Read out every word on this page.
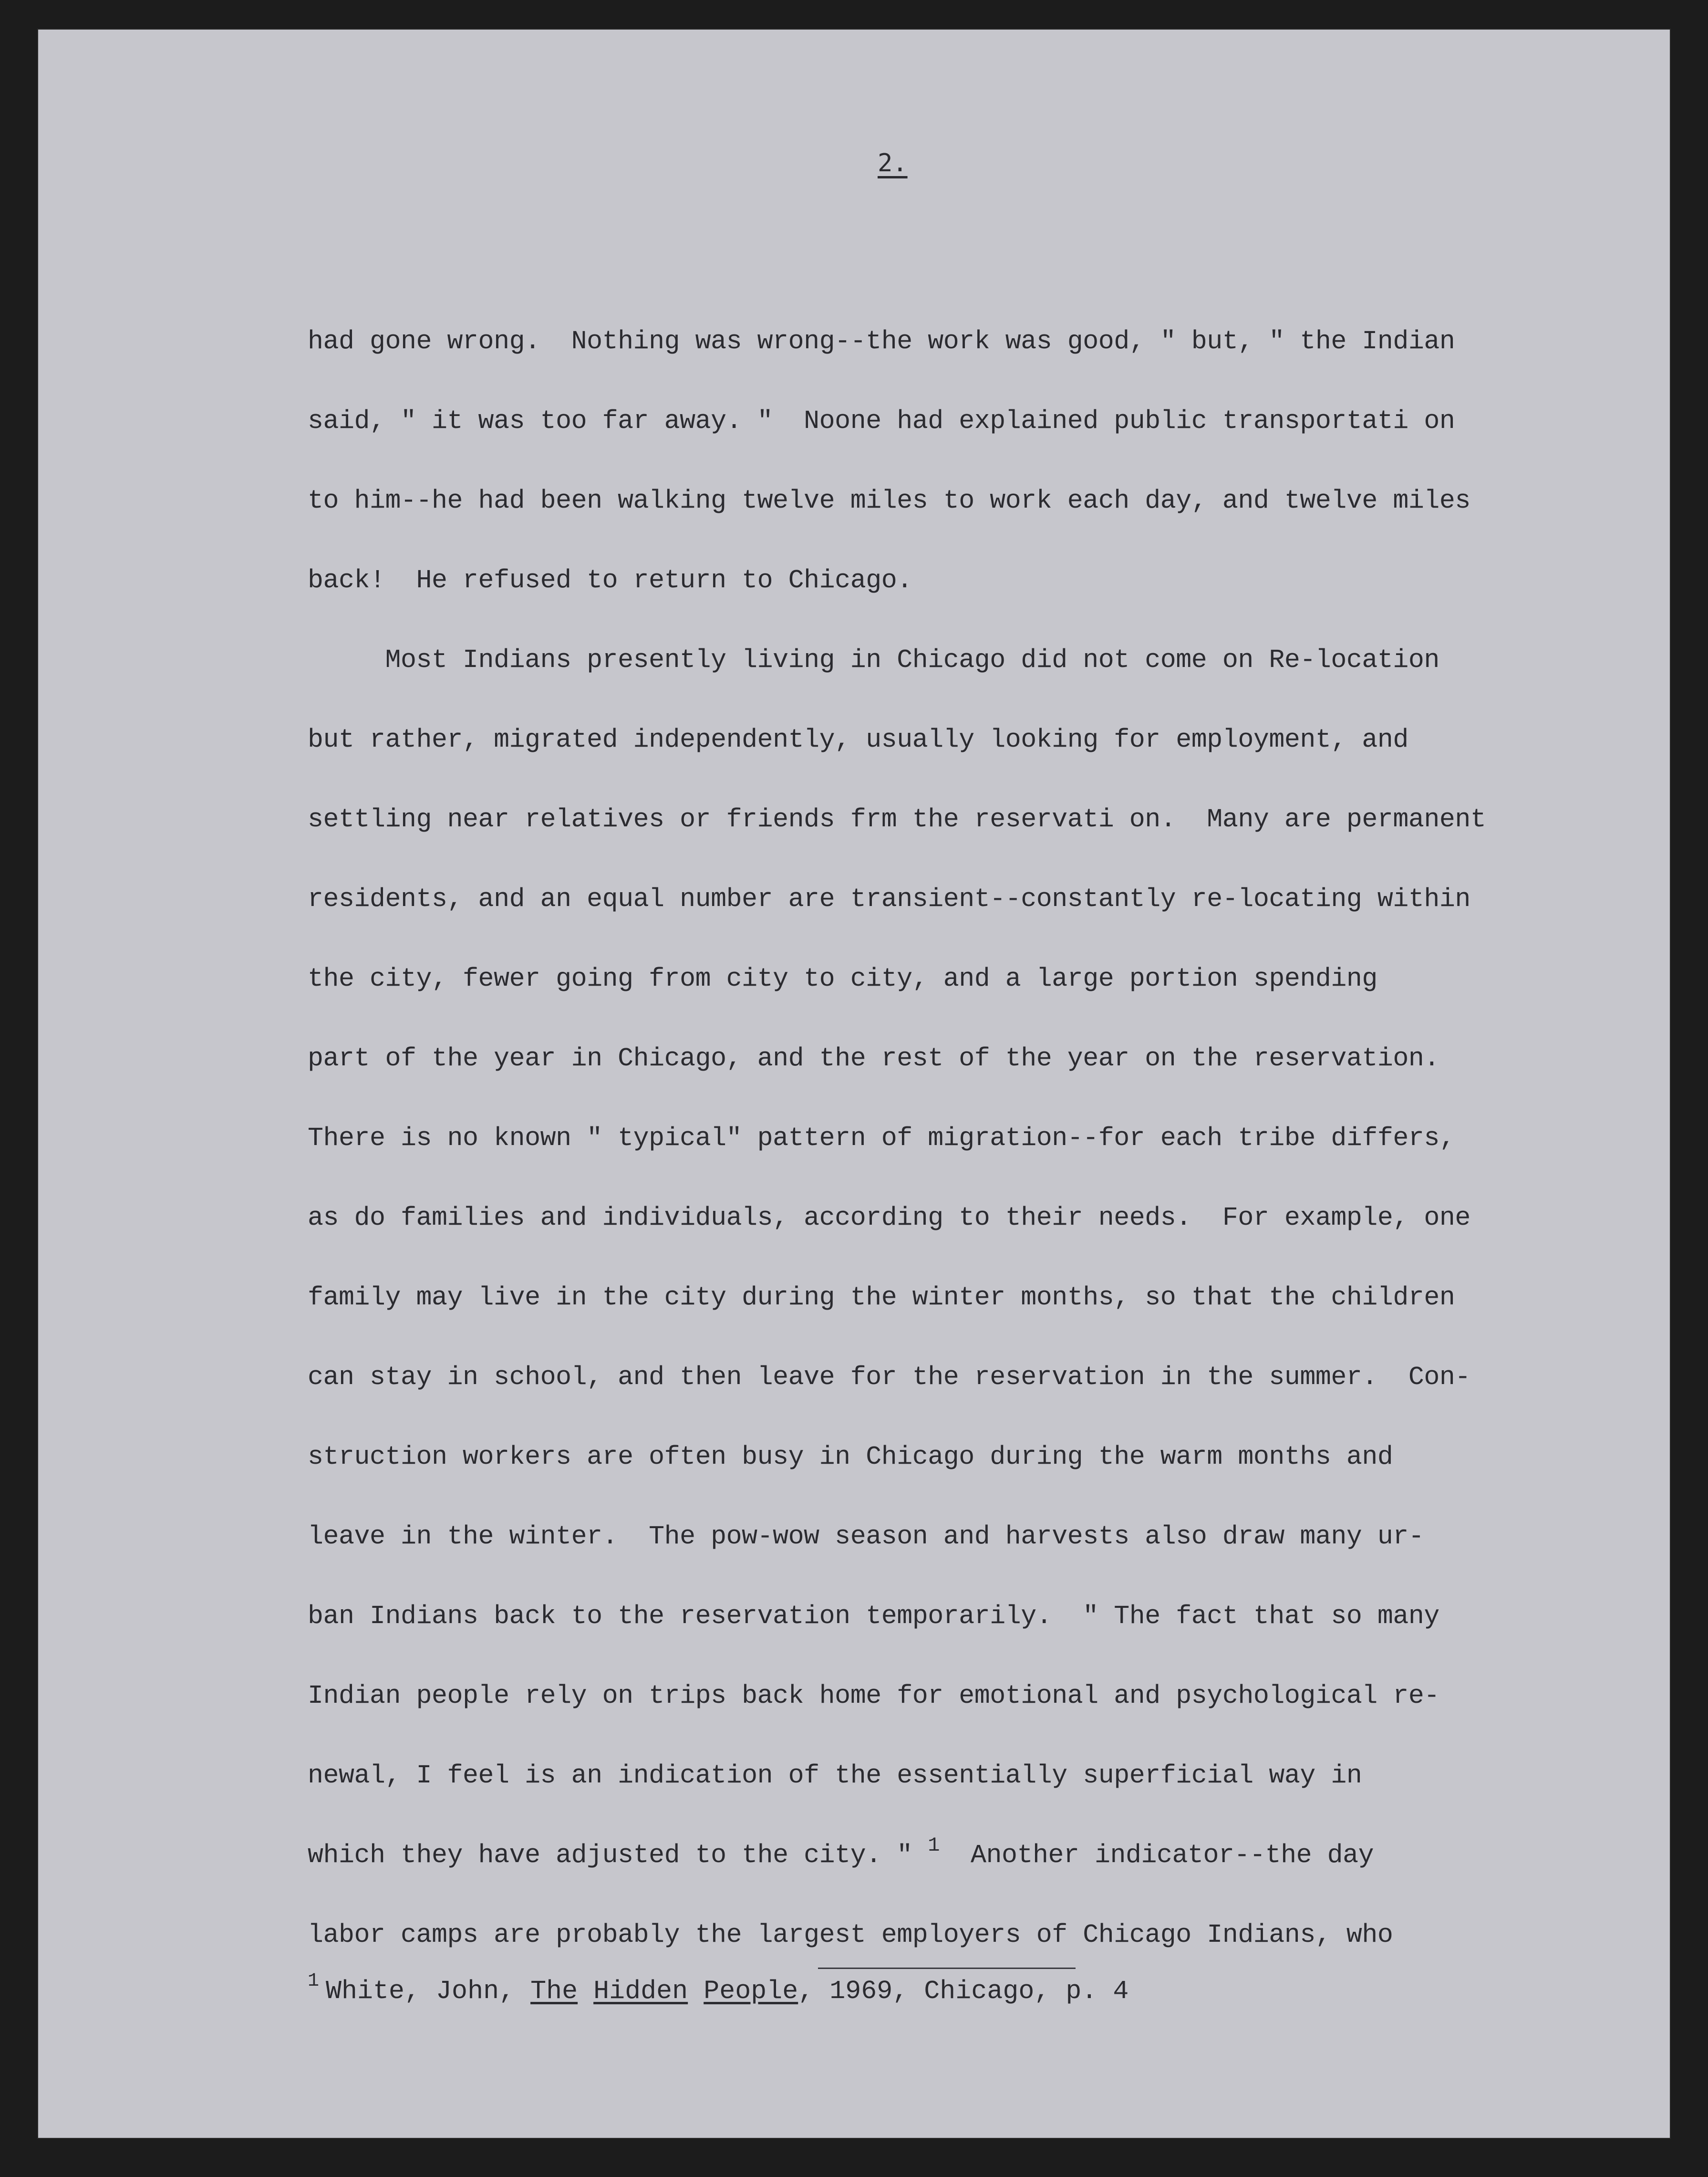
2.
had gone wrong.  Nothing was wrong--the work was good, " but, " the Indian
said, " it was too far away. "  Noone had explained public transportati on
to him--he had been walking twelve miles to work each day, and twelve miles
back!  He refused to return to Chicago.
Most Indians presently living in Chicago did not come on Re-location
but rather, migrated independently, usually looking for employment, and
settling near relatives or friends frm the reservati on.  Many are permanent
residents, and an equal number are transient--constantly re-locating within
the city, fewer going from city to city, and a large portion spending
part of the year in Chicago, and the rest of the year on the reservation.
There is no known " typical" pattern of migration--for each tribe differs,
as do families and individuals, according to their needs.  For example, one
family may live in the city during the winter months, so that the children
can stay in school, and then leave for the reservation in the summer.  Con-
struction workers are often busy in Chicago during the warm months and
leave in the winter.  The pow-wow season and harvests also draw many ur-
ban Indians back to the reservation temporarily.  " The fact that so many
Indian people rely on trips back home for emotional and psychological re-
newal, I feel is an indication of the essentially superficial way in
which they have adjusted to the city. " $^1$ Another indicator--the day
labor camps are probably the largest employers of Chicago Indians, who
$^1$ White, John, The Hidden People, 1969, Chicago, p. 4
